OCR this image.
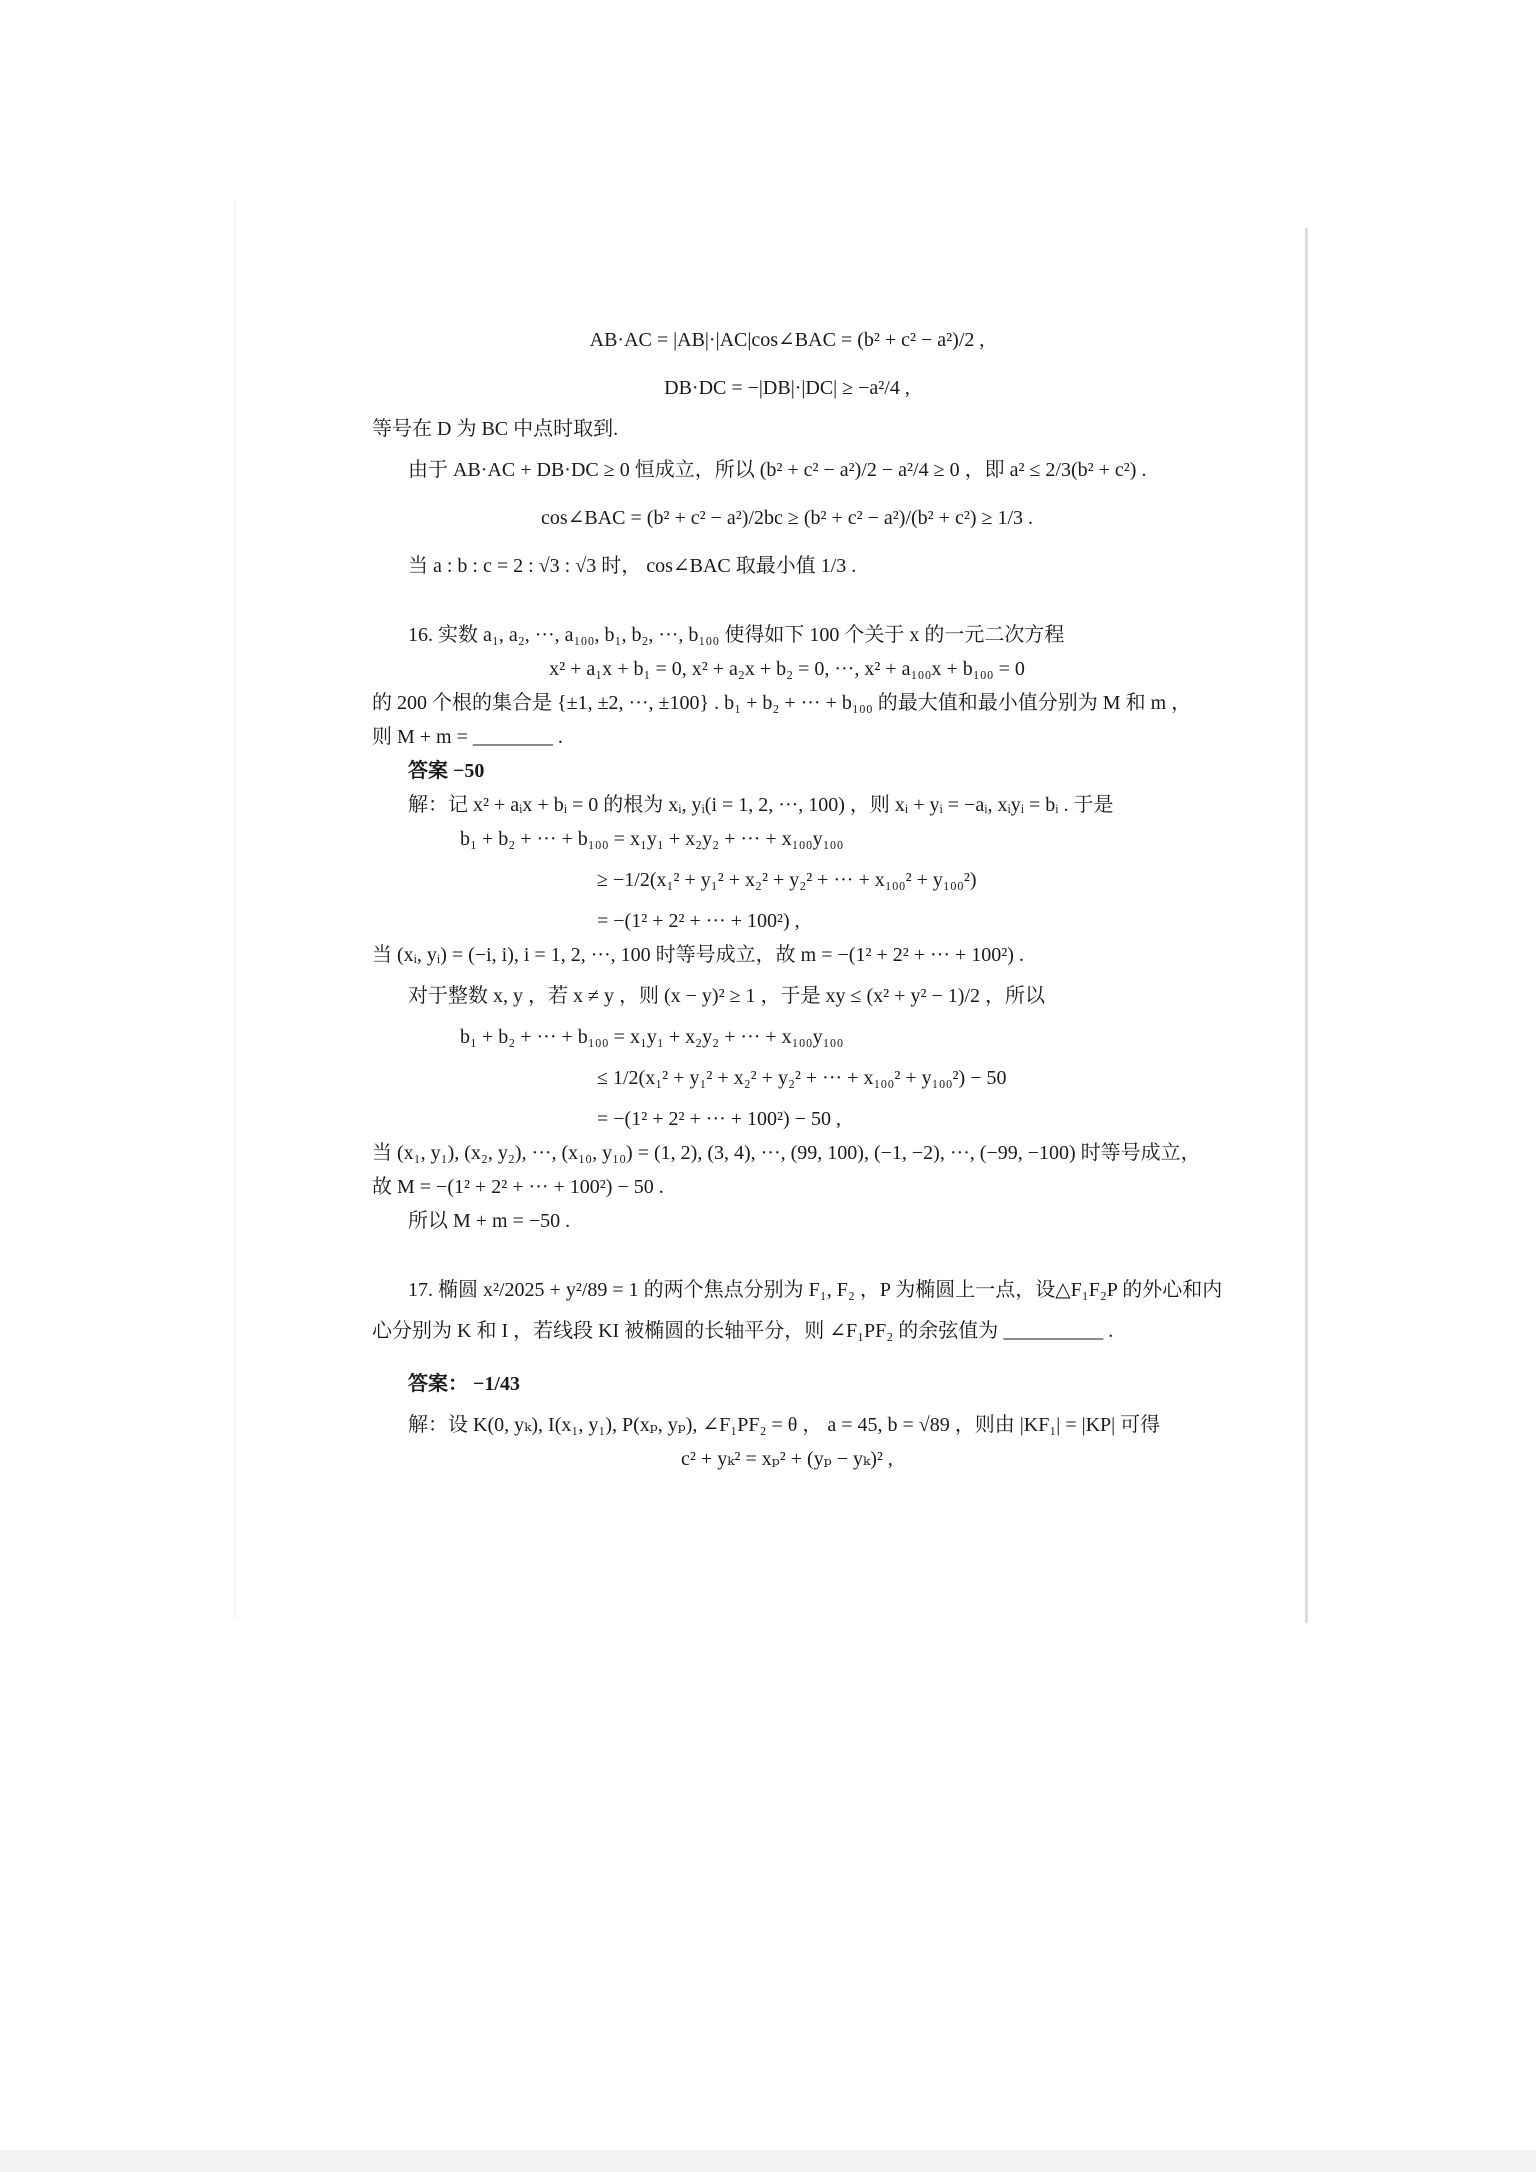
AB·AC = |AB|·|AC|cos∠BAC = (b² + c² − a²)/2 ,
DB·DC = −|DB|·|DC| ≥ −a²/4 ,
等号在 D 为 BC 中点时取到.
由于 AB·AC + DB·DC ≥ 0 恒成立，所以 (b² + c² − a²)/2 − a²/4 ≥ 0 ，即 a² ≤ 2/3(b² + c²) .
cos∠BAC = (b² + c² − a²)/2bc ≥ (b² + c² − a²)/(b² + c²) ≥ 1/3 .
当 a : b : c = 2 : √3 : √3 时， cos∠BAC 取最小值 1/3 .
16. 实数 a₁, a₂, ···, a₁₀₀, b₁, b₂, ···, b₁₀₀ 使得如下 100 个关于 x 的一元二次方程
x² + a₁x + b₁ = 0, x² + a₂x + b₂ = 0, ···, x² + a₁₀₀x + b₁₀₀ = 0
的 200 个根的集合是 {±1, ±2, ···, ±100} . b₁ + b₂ + ··· + b₁₀₀ 的最大值和最小值分别为 M 和 m ，
则 M + m = ________ .
答案 −50
解：记 x² + aᵢx + bᵢ = 0 的根为 xᵢ, yᵢ(i = 1, 2, ···, 100) ，则 xᵢ + yᵢ = −aᵢ, xᵢyᵢ = bᵢ . 于是
b₁ + b₂ + ··· + b₁₀₀ = x₁y₁ + x₂y₂ + ··· + x₁₀₀y₁₀₀
≥ −1/2(x₁² + y₁² + x₂² + y₂² + ··· + x₁₀₀² + y₁₀₀²)
= −(1² + 2² + ··· + 100²) ,
当 (xᵢ, yᵢ) = (−i, i), i = 1, 2, ···, 100 时等号成立，故 m = −(1² + 2² + ··· + 100²) .
对于整数 x, y ，若 x ≠ y ，则 (x − y)² ≥ 1 ，于是 xy ≤ (x² + y² − 1)/2 ，所以
b₁ + b₂ + ··· + b₁₀₀ = x₁y₁ + x₂y₂ + ··· + x₁₀₀y₁₀₀
≤ 1/2(x₁² + y₁² + x₂² + y₂² + ··· + x₁₀₀² + y₁₀₀²) − 50
= −(1² + 2² + ··· + 100²) − 50 ,
当 (x₁, y₁), (x₂, y₂), ···, (x₁₀, y₁₀) = (1, 2), (3, 4), ···, (99, 100), (−1, −2), ···, (−99, −100) 时等号成立，
故 M = −(1² + 2² + ··· + 100²) − 50 .
所以 M + m = −50 .
17. 椭圆 x²/2025 + y²/89 = 1 的两个焦点分别为 F₁, F₂ ，P 为椭圆上一点，设△F₁F₂P 的外心和内
心分别为 K 和 I ，若线段 KI 被椭圆的长轴平分，则 ∠F₁PF₂ 的余弦值为 __________ .
答案： −1/43
解：设 K(0, yₖ), I(x₁, y₁), P(xₚ, yₚ), ∠F₁PF₂ = θ ， a = 45, b = √89 ，则由 |KF₁| = |KP| 可得
c² + yₖ² = xₚ² + (yₚ − yₖ)² ,
